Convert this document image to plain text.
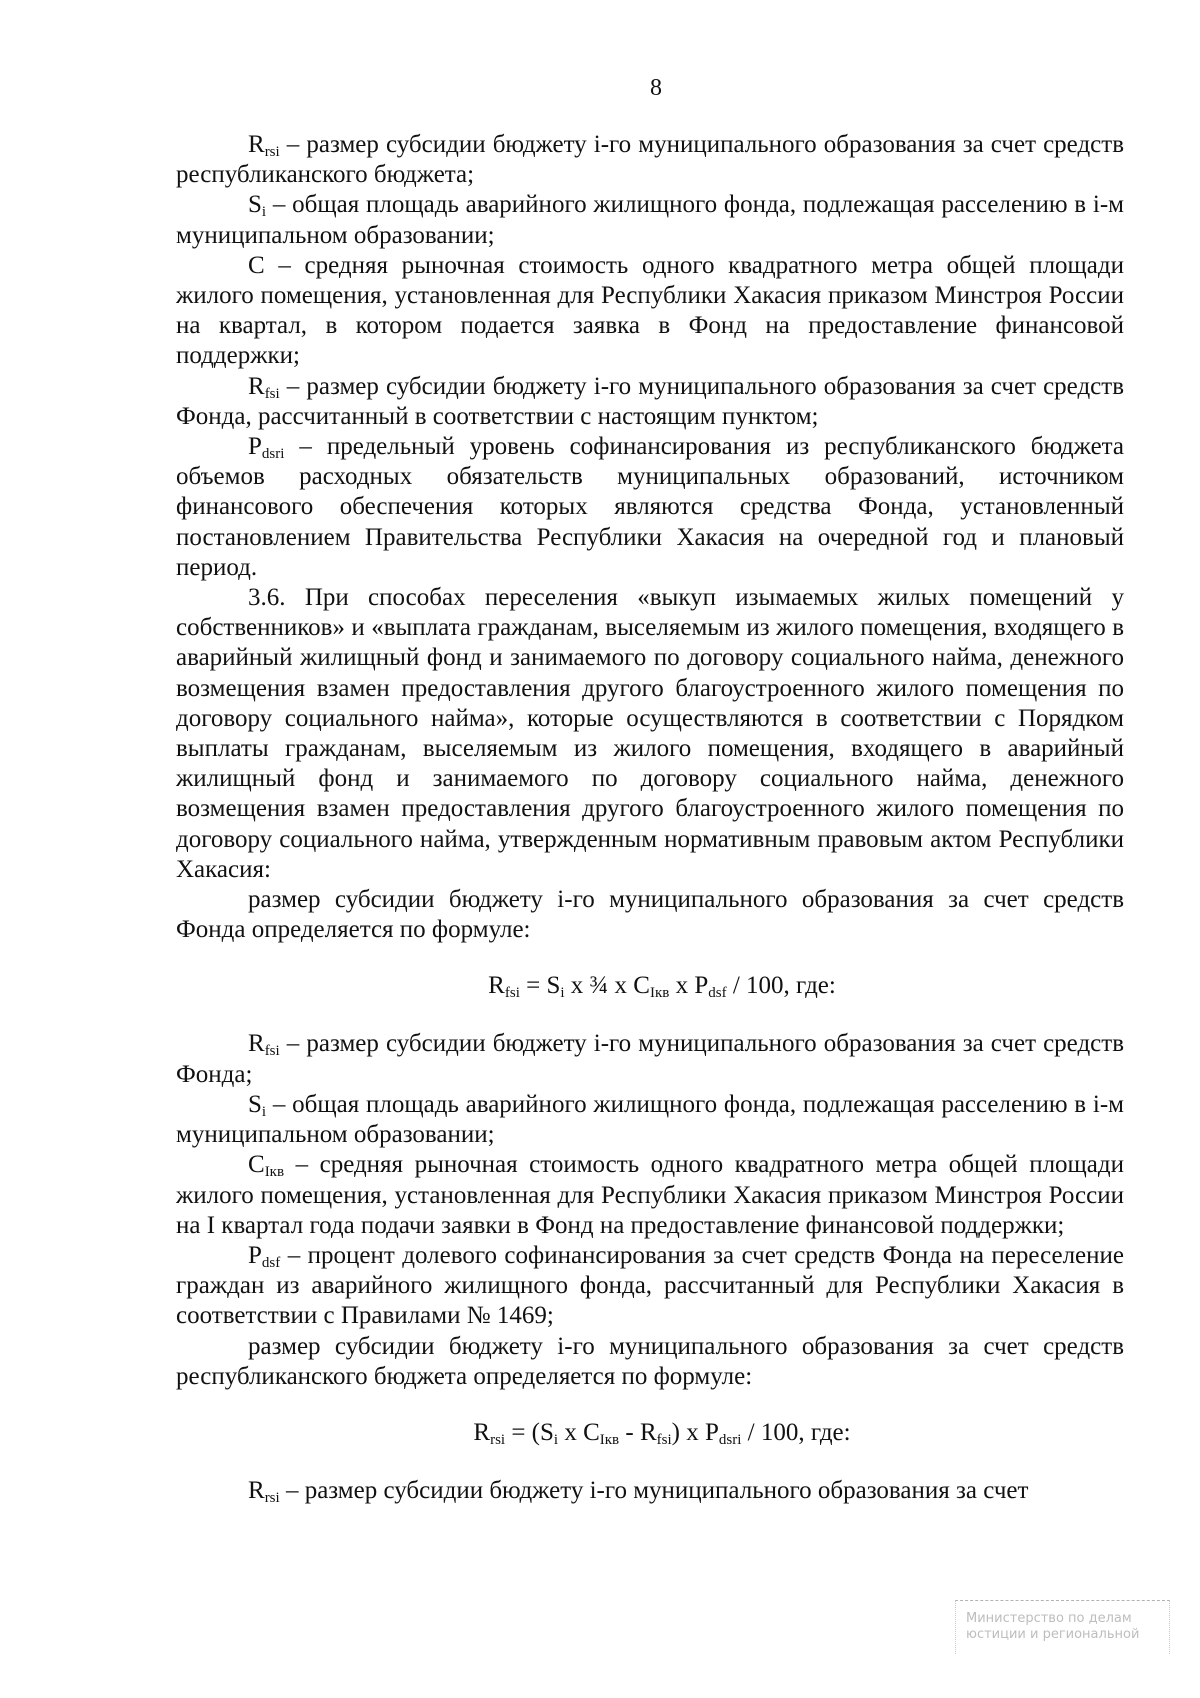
8

$R_{rsi}$ – размер субсидии бюджету i-го муниципального образования за счет средств республиканского бюджета;

$S_i$ – общая площадь аварийного жилищного фонда, подлежащая расселению в i-м муниципальном образовании;

С – средняя рыночная стоимость одного квадратного метра общей площади жилого помещения, установленная для Республики Хакасия приказом Минстроя России на квартал, в котором подается заявка в Фонд на предоставление финансовой поддержки;

$R_{fsi}$ – размер субсидии бюджету i-го муниципального образования за счет средств Фонда, рассчитанный в соответствии с настоящим пунктом;

$P_{dsri}$ – предельный уровень софинансирования из республиканского бюджета объемов расходных обязательств муниципальных образований, источником финансового обеспечения которых являются средства Фонда, установленный постановлением Правительства Республики Хакасия на очередной год и плановый период.

3.6. При способах переселения «выкуп изымаемых жилых помещений у собственников» и «выплата гражданам, выселяемым из жилого помещения, входящего в аварийный жилищный фонд и занимаемого по договору социального найма, денежного возмещения взамен предоставления другого благоустроенного жилого помещения по договору социального найма», которые осуществляются в соответствии с Порядком выплаты гражданам, выселяемым из жилого помещения, входящего в аварийный жилищный фонд и занимаемого по договору социального найма, денежного возмещения взамен предоставления другого благоустроенного жилого помещения по договору социального найма, утвержденным нормативным правовым актом Республики Хакасия:

размер субсидии бюджету i-го муниципального образования за счет средств Фонда определяется по формуле:

$R_{fsi} = S_i$ x ¾ x $C_{Iкв}$ x $P_{dsf} / 100$, где:

$R_{fsi}$ – размер субсидии бюджету i-го муниципального образования за счет средств Фонда;

$S_i$ – общая площадь аварийного жилищного фонда, подлежащая расселению в i-м муниципальном образовании;

$C_{Iкв}$ – средняя рыночная стоимость одного квадратного метра общей площади жилого помещения, установленная для Республики Хакасия приказом Минстроя России на I квартал года подачи заявки в Фонд на предоставление финансовой поддержки;

$P_{dsf}$ – процент долевого софинансирования за счет средств Фонда на переселение граждан из аварийного жилищного фонда, рассчитанный для Республики Хакасия в соответствии с Правилами № 1469;

размер субсидии бюджету i-го муниципального образования за счет средств республиканского бюджета определяется по формуле:

$R_{rsi} = (S_i$ x $C_{Iкв} - R_{fsi}$) x $P_{dsri} / 100$, где:

$R_{rsi}$ – размер субсидии бюджету i-го муниципального образования за счет

Министерство по делам
юстиции и региональной
